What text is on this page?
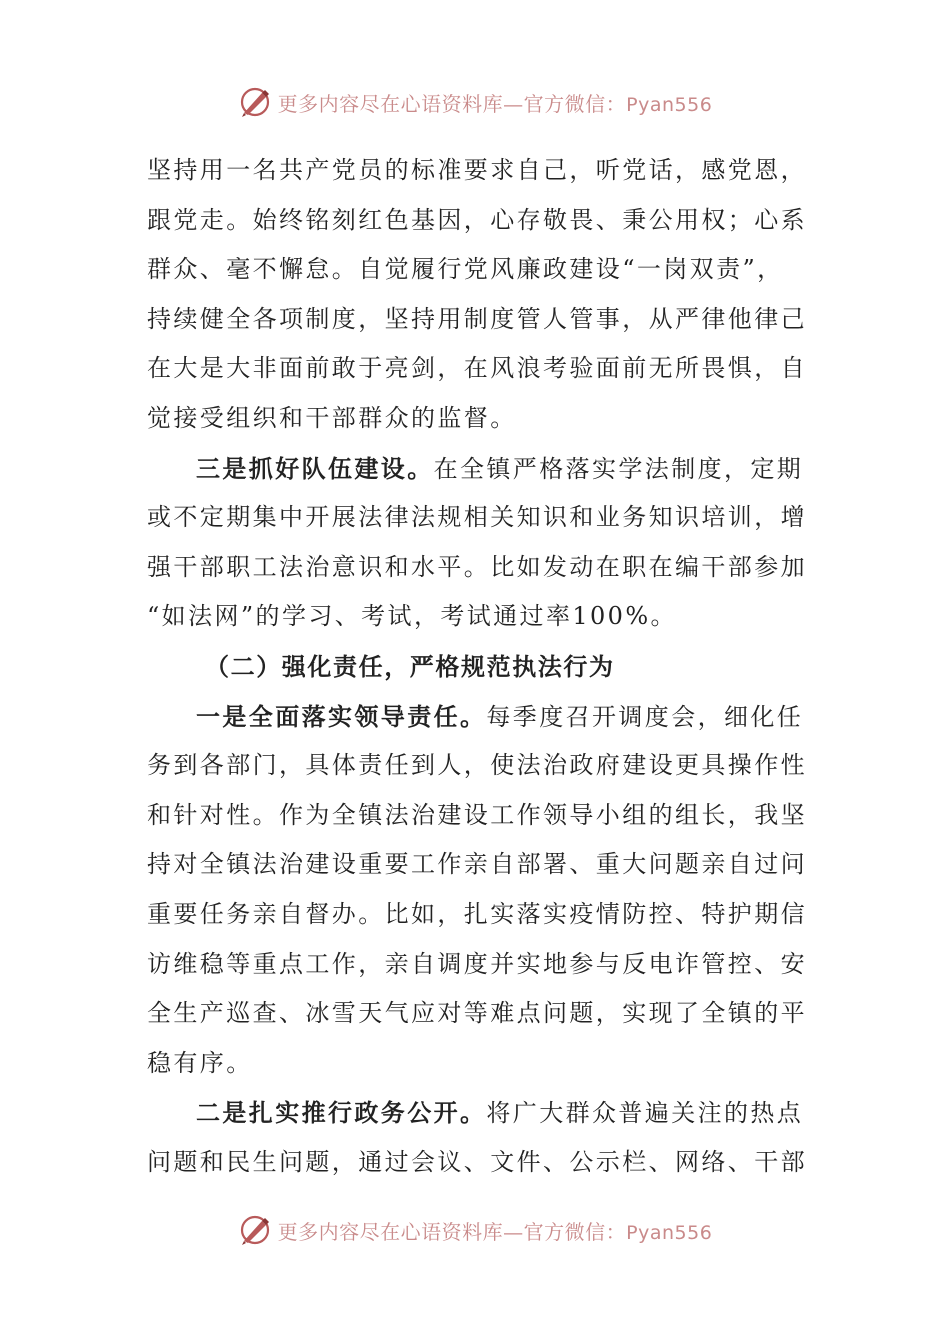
更多内容尽在心语资料库—官方微信：Pyan556
坚持用一名共产党员的标准要求自己，听党话，感党恩，
跟党走。始终铭刻红色基因，心存敬畏、秉公用权；心系
群众、毫不懈怠。自觉履行党风廉政建设“一岗双责”，
持续健全各项制度，坚持用制度管人管事，从严律他律己
在大是大非面前敢于亮剑，在风浪考验面前无所畏惧，自
觉接受组织和干部群众的监督。
三是抓好队伍建设。在全镇严格落实学法制度，定期
或不定期集中开展法律法规相关知识和业务知识培训，增
强干部职工法治意识和水平。比如发动在职在编干部参加
“如法网”的学习、考试，考试通过率100%。
（二）强化责任，严格规范执法行为
一是全面落实领导责任。每季度召开调度会，细化任
务到各部门，具体责任到人，使法治政府建设更具操作性
和针对性。作为全镇法治建设工作领导小组的组长，我坚
持对全镇法治建设重要工作亲自部署、重大问题亲自过问
重要任务亲自督办。比如，扎实落实疫情防控、特护期信
访维稳等重点工作，亲自调度并实地参与反电诈管控、安
全生产巡查、冰雪天气应对等难点问题，实现了全镇的平
稳有序。
二是扎实推行政务公开。将广大群众普遍关注的热点
问题和民生问题，通过会议、文件、公示栏、网络、干部
更多内容尽在心语资料库—官方微信：Pyan556
